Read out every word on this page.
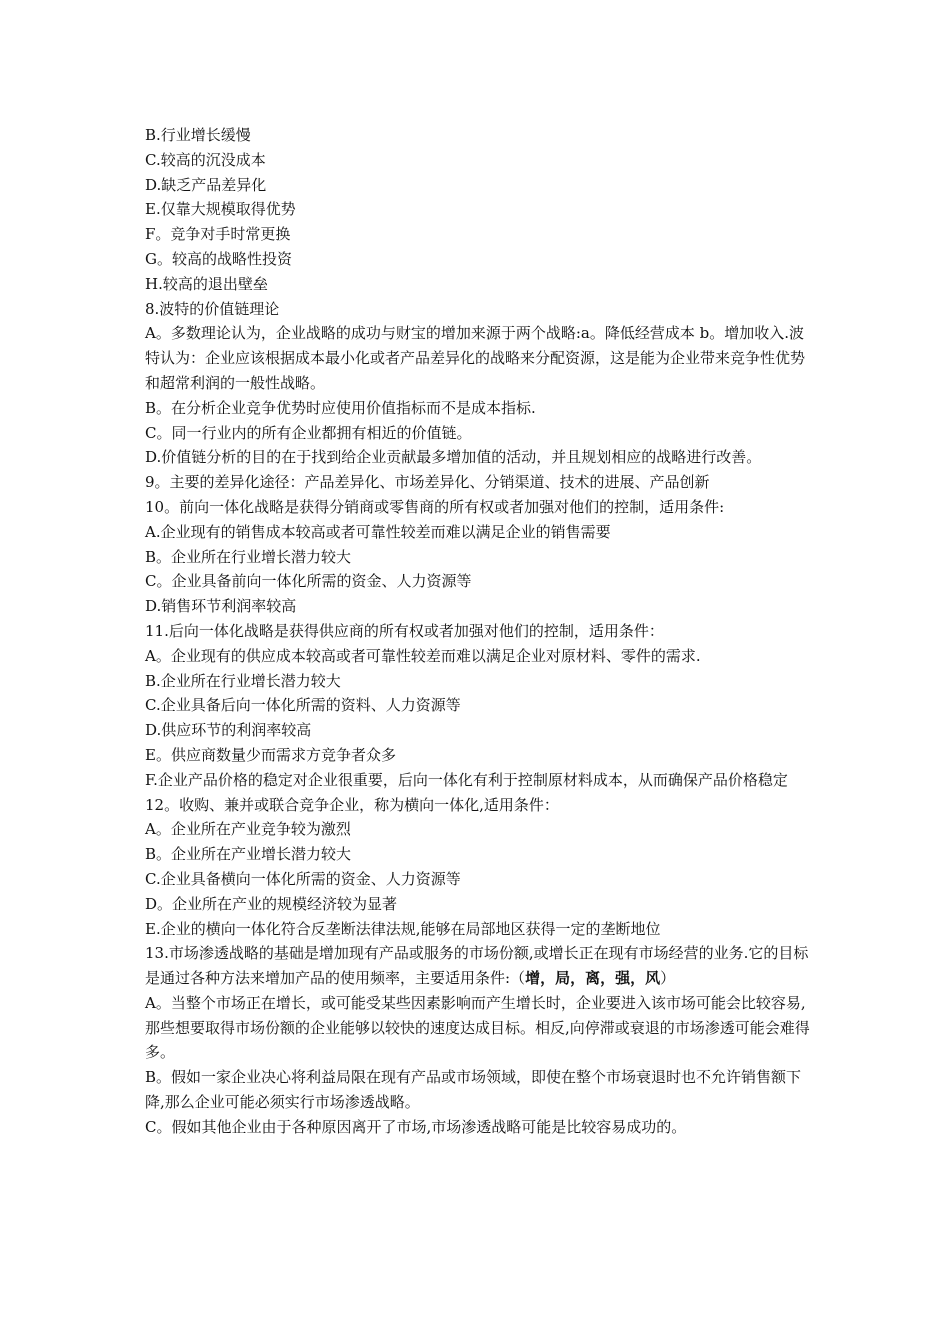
B.行业增长缓慢

C.较高的沉没成本

D.缺乏产品差异化

E.仅靠大规模取得优势

F。竞争对手时常更换

G。较高的战略性投资

H.较高的退出壁垒

8.波特的价值链理论

A。多数理论认为，企业战略的成功与财宝的增加来源于两个战略:a。降低经营成本 b。增加收入.波特认为：企业应该根据成本最小化或者产品差异化的战略来分配资源，这是能为企业带来竞争性优势和超常利润的一般性战略。

B。在分析企业竞争优势时应使用价值指标而不是成本指标.

C。同一行业内的所有企业都拥有相近的价值链。

D.价值链分析的目的在于找到给企业贡献最多增加值的活动，并且规划相应的战略进行改善。

9。主要的差异化途径：产品差异化、市场差异化、分销渠道、技术的进展、产品创新

10。前向一体化战略是获得分销商或零售商的所有权或者加强对他们的控制，适用条件:

A.企业现有的销售成本较高或者可靠性较差而难以满足企业的销售需要

B。企业所在行业增长潜力较大

C。企业具备前向一体化所需的资金、人力资源等

D.销售环节利润率较高

11.后向一体化战略是获得供应商的所有权或者加强对他们的控制，适用条件：

A。企业现有的供应成本较高或者可靠性较差而难以满足企业对原材料、零件的需求.

B.企业所在行业增长潜力较大

C.企业具备后向一体化所需的资料、人力资源等

D.供应环节的利润率较高

E。供应商数量少而需求方竞争者众多

F.企业产品价格的稳定对企业很重要，后向一体化有利于控制原材料成本，从而确保产品价格稳定

12。收购、兼并或联合竞争企业，称为横向一体化,适用条件：

A。企业所在产业竞争较为激烈

B。企业所在产业增长潜力较大

C.企业具备横向一体化所需的资金、人力资源等

D。企业所在产业的规模经济较为显著

E.企业的横向一体化符合反垄断法律法规,能够在局部地区获得一定的垄断地位

13.市场渗透战略的基础是增加现有产品或服务的市场份额,或增长正在现有市场经营的业务.它的目标是通过各种方法来增加产品的使用频率，主要适用条件:（增，局，离，强，风）

A。当整个市场正在增长，或可能受某些因素影响而产生增长时，企业要进入该市场可能会比较容易,那些想要取得市场份额的企业能够以较快的速度达成目标。相反,向停滞或衰退的市场渗透可能会难得多。

B。假如一家企业决心将利益局限在现有产品或市场领域，即使在整个市场衰退时也不允许销售额下降,那么企业可能必须实行市场渗透战略。

C。假如其他企业由于各种原因离开了市场,市场渗透战略可能是比较容易成功的。
